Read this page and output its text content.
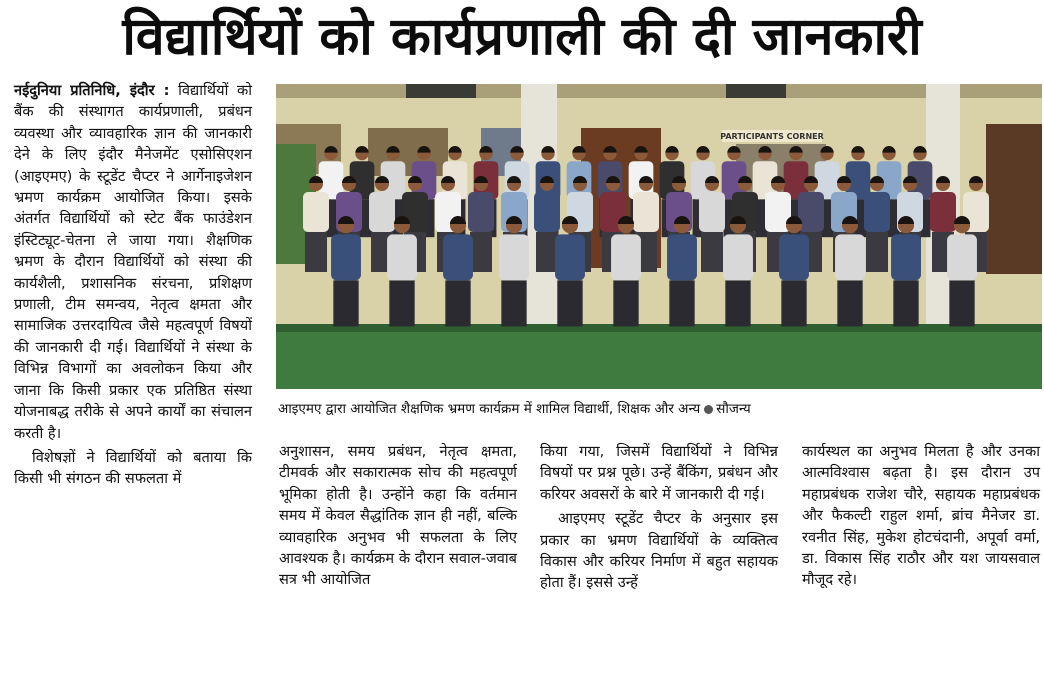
विद्यार्थियों को कार्यप्रणाली की दी जानकारी

नईदुनिया प्रतिनिधि, इंदौर : विद्यार्थियों को बैंक की संस्थागत कार्यप्रणाली, प्रबंधन व्यवस्था और व्यावहारिक ज्ञान की जानकारी देने के लिए इंदौर मैनेजमेंट एसोसिएशन (आइएमए) के स्टूडेंट चैप्टर ने आर्गेनाइजेशन भ्रमण कार्यक्रम आयोजित किया। इसके अंतर्गत विद्यार्थियों को स्टेट बैंक फाउंडेशन इंस्टिट्यूट-चेतना ले जाया गया। शैक्षणिक भ्रमण के दौरान विद्यार्थियों को संस्था की कार्यशैली, प्रशासनिक संरचना, प्रशिक्षण प्रणाली, टीम समन्वय, नेतृत्व क्षमता और सामाजिक उत्तरदायित्व जैसे महत्वपूर्ण विषयों की जानकारी दी गई। विद्यार्थियों ने संस्था के विभिन्न विभागों का अवलोकन किया और जाना कि किसी प्रकार एक प्रतिष्ठित संस्था योजनाबद्ध तरीके से अपने कार्यों का संचालन करती है।

विशेषज्ञों ने विद्यार्थियों को बताया कि किसी भी संगठन की सफलता में

PARTICIPANTS CORNER
आइएमए द्वारा आयोजित शैक्षणिक भ्रमण कार्यक्रम में शामिल विद्यार्थी, शिक्षक और अन्य सौजन्य

अनुशासन, समय प्रबंधन, नेतृत्व क्षमता, टीमवर्क और सकारात्मक सोच की महत्वपूर्ण भूमिका होती है। उन्होंने कहा कि वर्तमान समय में केवल सैद्धांतिक ज्ञान ही नहीं, बल्कि व्यावहारिक अनुभव भी सफलता के लिए आवश्यक है। कार्यक्रम के दौरान सवाल-जवाब सत्र भी आयोजित

किया गया, जिसमें विद्यार्थियों ने विभिन्न विषयों पर प्रश्न पूछे। उन्हें बैंकिंग, प्रबंधन और करियर अवसरों के बारे में जानकारी दी गई।

आइएमए स्टूडेंट चैप्टर के अनुसार इस प्रकार का भ्रमण विद्यार्थियों के व्यक्तित्व विकास और करियर निर्माण में बहुत सहायक होता हैं। इससे उन्हें

कार्यस्थल का अनुभव मिलता है और उनका आत्मविश्वास बढ़ता है। इस दौरान उप महाप्रबंधक राजेश चौरे, सहायक महाप्रबंधक और फैकल्टी राहुल शर्मा, ब्रांच मैनेजर डा. रवनीत सिंह, मुकेश होटचंदानी, अपूर्वा वर्मा, डा. विकास सिंह राठौर और यश जायसवाल मौजूद रहे।
